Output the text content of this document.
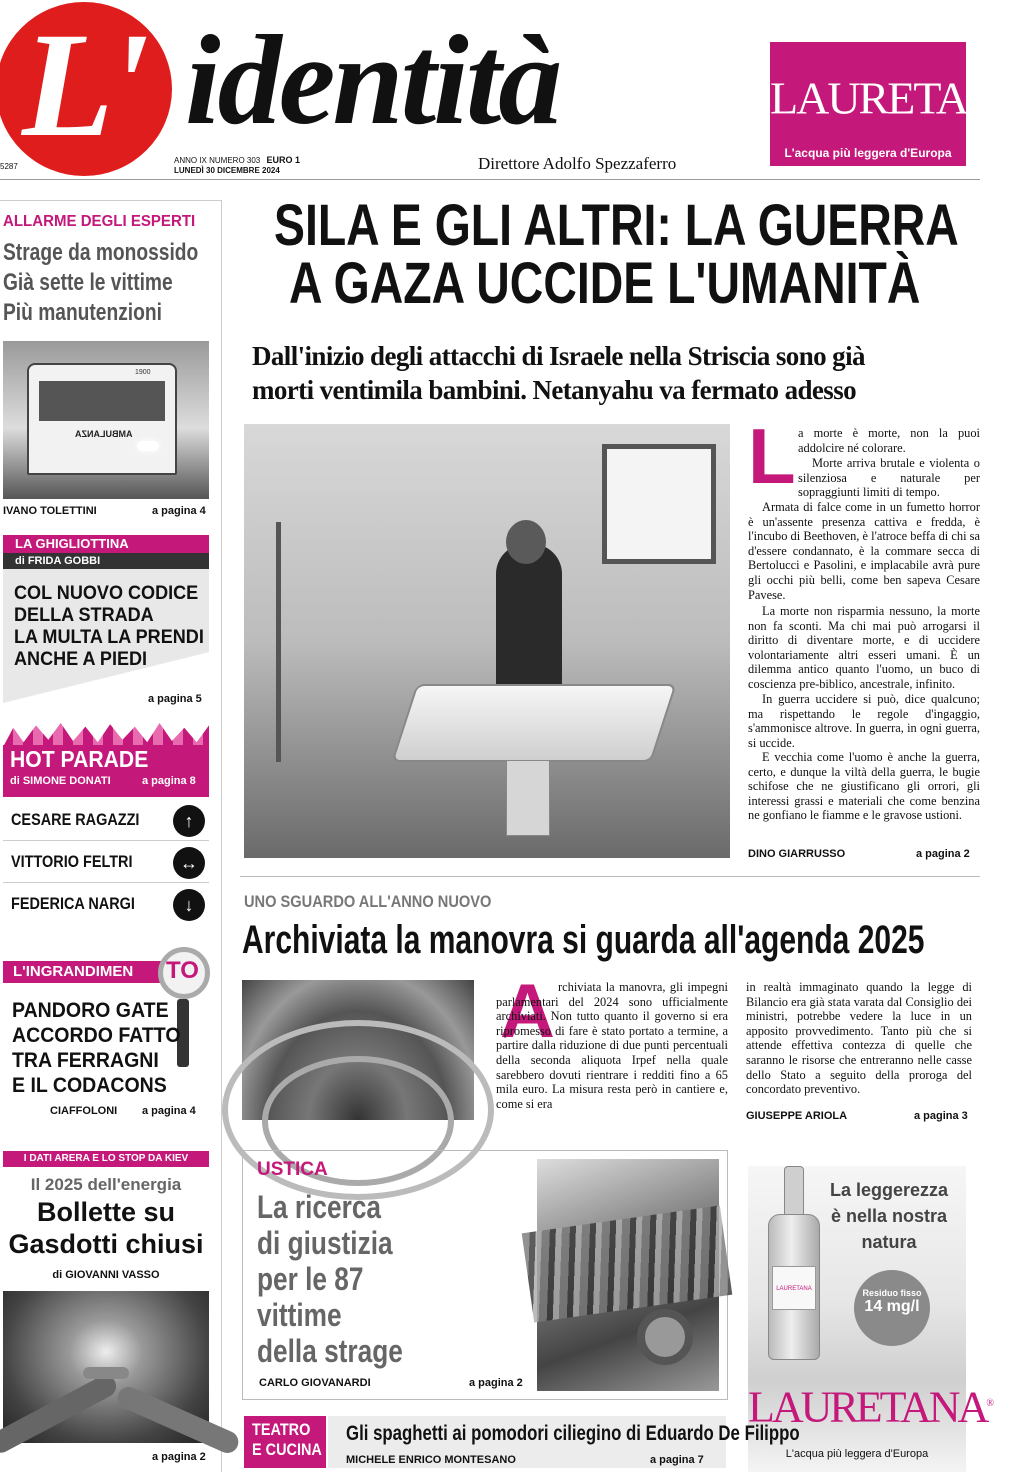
L' identità
5287
ANNO IX NUMERO 303 EURO 1
LUNEDÌ 30 DICEMBRE 2024	Direttore Adolfo Spezzaferro
LAURETANA®
L'acqua più leggera d'Europa
ALLARME DEGLI ESPERTI
Strage da monossido
Già sette le vittime
Più manutenzioni
1900
AMBULANZA
IVANO TOLETTINI	a pagina 4
LA GHIGLIOTTINA
di FRIDA GOBBI
COL NUOVO CODICE
DELLA STRADA
LA MULTA LA PRENDI
ANCHE A PIEDI
a pagina 5
HOT PARADE
di SIMONE DONATI	a pagina 8
CESARE RAGAZZI	↑
VITTORIO FELTRI	↔
FEDERICA NARGI	↓
L'INGRANDIMEN	TO
PANDORO GATE
ACCORDO FATTO
TRA FERRAGNI
E IL CODACONS
CIAFFOLONI a pagina 4
I DATI ARERA E LO STOP DA KIEV
Il 2025 dell'energia
Bollette su
Gasdotti chiusi
di GIOVANNI VASSO
a pagina 2
SILA E GLI ALTRI: LA GUERRA
A GAZA UCCIDE L'UMANITÀ
Dall'inizio degli attacchi di Israele nella Striscia sono già
morti ventimila bambini. Netanyahu va fermato adesso
L a morte è morte, non la puoi addolcire né colorare.
Morte arriva brutale e violenta o silenziosa e naturale per sopraggiunti limiti di tempo.
Armata di falce come in un fumetto horror è un'assente presenza cattiva e fredda, è l'incubo di Beethoven, è l'atroce beffa di chi sa d'essere condannato, è la commare secca di Bertolucci e Pasolini, e implacabile avrà pure gli occhi più belli, come ben sapeva Cesare Pavese.
La morte non risparmia nessuno, la morte non fa sconti. Ma chi mai può arrogarsi il diritto di diventare morte, e di uccidere volontariamente altri esseri umani. È un dilemma antico quanto l'uomo, un buco di coscienza pre-biblico, ancestrale, infinito.
In guerra uccidere si può, dice qualcuno; ma rispettando le regole d'ingaggio, s'ammonisce altrove. In guerra, in ogni guerra, si uccide.
E vecchia come l'uomo è anche la guerra, certo, e dunque la viltà della guerra, le bugie schifose che ne giustificano gli orrori, gli interessi grassi e materiali che come benzina ne gonfiano le fiamme e le gravose ustioni.
DINO GIARRUSSO	a pagina 2
UNO SGUARDO ALL'ANNO NUOVO
Archiviata la manovra si guarda all'agenda 2025
A rchiviata la manovra, gli impegni parlamentari del 2024 sono ufficialmente archiviati. Non tutto quanto il governo si era ripromesso di fare è stato portato a termine, a partire dalla riduzione di due punti percentuali della seconda aliquota Irpef nella quale sarebbero dovuti rientrare i redditi fino a 65 mila euro. La misura resta però in cantiere e, come si era
in realtà immaginato quando la legge di Bilancio era già stata varata dal Consiglio dei ministri, potrebbe vedere la luce in un apposito provvedimento. Tanto più che si attende effettiva contezza di quelle che saranno le risorse che entreranno nelle casse dello Stato a seguito della proroga del concordato preventivo.
GIUSEPPE ARIOLA	a pagina 3
USTICA
La ricerca
di giustizia
per le 87
vittime
della strage
CARLO GIOVANARDI	a pagina 2
La leggerezza
è nella nostra
natura
LAURETANA	Residuo fisso
14 mg/l
LAURETANA®
L'acqua più leggera d'Europa
TEATRO
E CUCINA
Gli spaghetti ai pomodori ciliegino di Eduardo De Filippo
MICHELE ENRICO MONTESANO	a pagina 7
